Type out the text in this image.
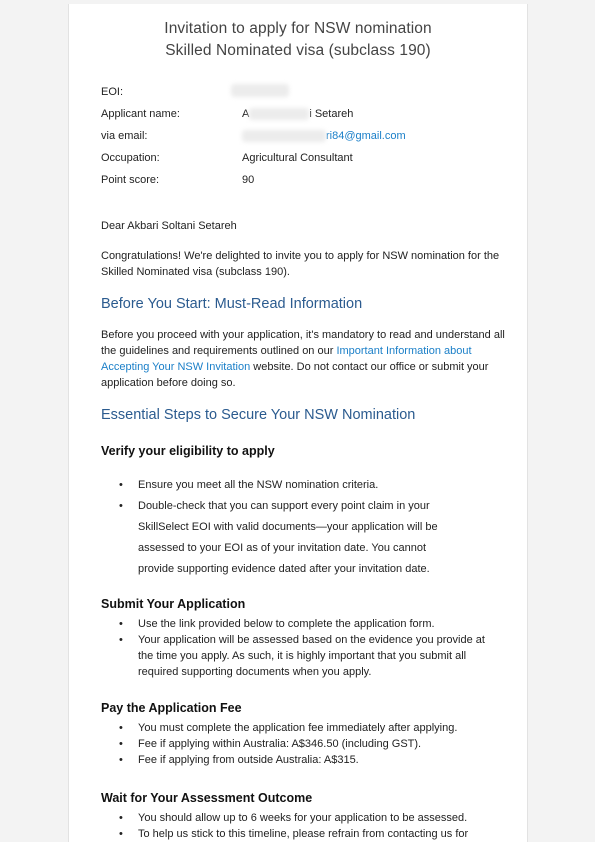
Invitation to apply for NSW nomination
Skilled Nominated visa (subclass 190)
EOI:
Applicant name:	A	i Setareh
via email:	ri84@gmail.com
Occupation:	Agricultural Consultant
Point score:	90
Dear Akbari Soltani Setareh
Congratulations! We're delighted to invite you to apply for NSW nomination for the Skilled Nominated visa (subclass 190).
Before You Start: Must-Read Information
Before you proceed with your application, it's mandatory to read and understand all the guidelines and requirements outlined on our Important Information about Accepting Your NSW Invitation website. Do not contact our office or submit your application before doing so.
Essential Steps to Secure Your NSW Nomination
Verify your eligibility to apply
• Ensure you meet all the NSW nomination criteria.
• Double-check that you can support every point claim in your SkillSelect EOI with valid documents—your application will be assessed to your EOI as of your invitation date. You cannot provide supporting evidence dated after your invitation date.
Submit Your Application
• Use the link provided below to complete the application form.
• Your application will be assessed based on the evidence you provide at the time you apply. As such, it is highly important that you submit all required supporting documents when you apply.
Pay the Application Fee
• You must complete the application fee immediately after applying.
• Fee if applying within Australia: A$346.50 (including GST).
• Fee if applying from outside Australia: A$315.
Wait for Your Assessment Outcome
• You should allow up to 6 weeks for your application to be assessed.
• To help us stick to this timeline, please refrain from contacting us for
